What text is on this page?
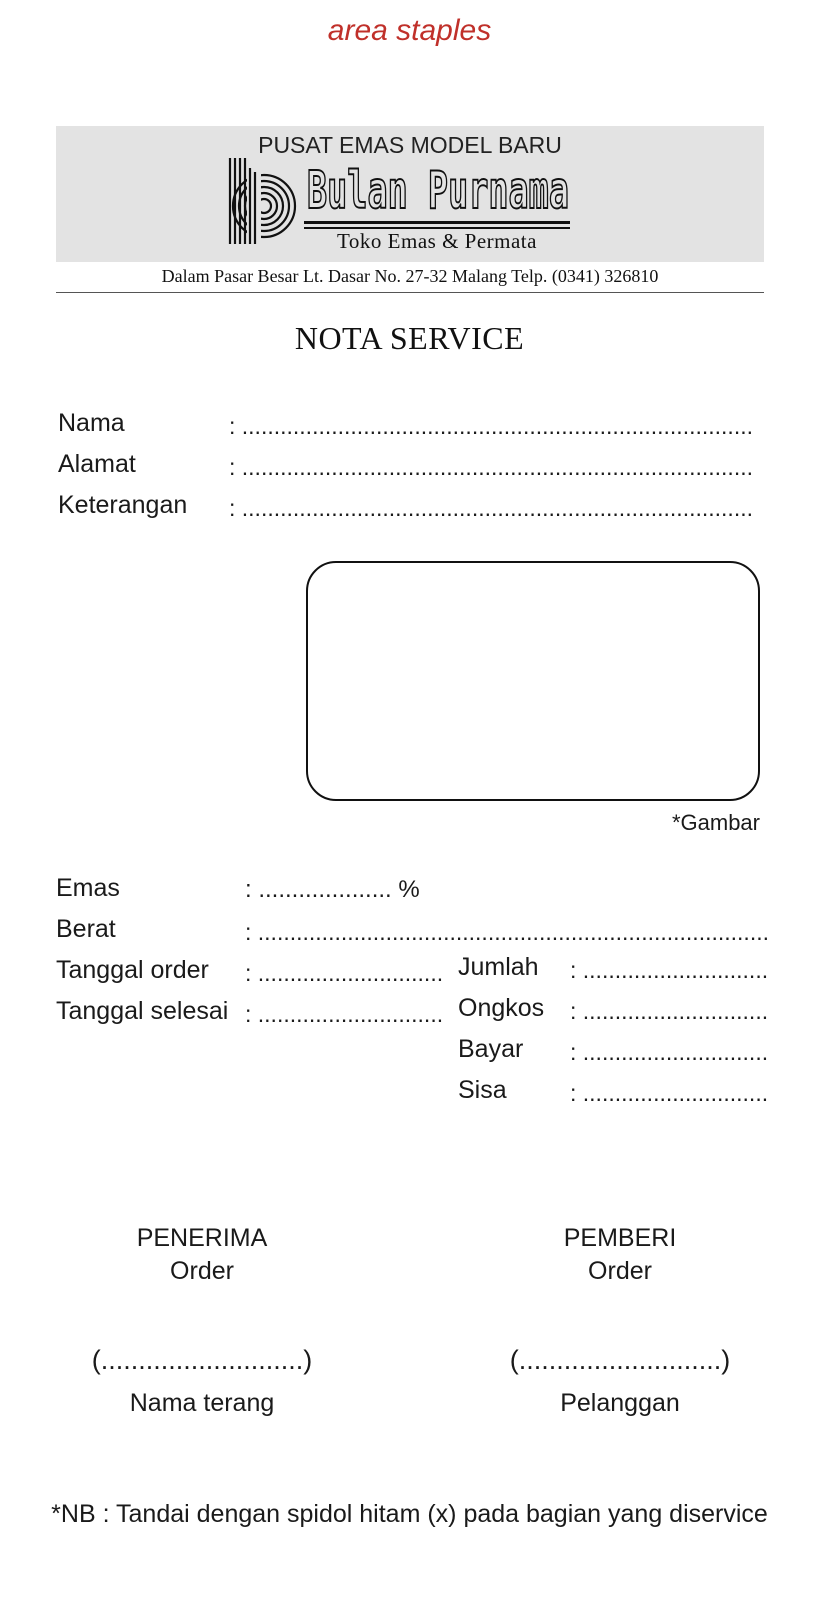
area staples
PUSAT EMAS MODEL BARU
Bulan Purnama
Toko Emas & Permata
Dalam Pasar Besar Lt. Dasar No. 27-32 Malang Telp. (0341) 326810
NOTA SERVICE
Nama	: ................................................................................
Alamat	: ................................................................................
Keterangan : ................................................................................
*Gambar
Emas	: .................... %
Berat	: ................................................................................
Tanggal order : .............................
Tanggal selesai : .............................
Jumlah : .............................
Ongkos : .............................
Bayar : .............................
Sisa	: .............................
PENERIMA
Order
(...........................)
Nama terang
PEMBERI
Order
(...........................)
Pelanggan
*NB : Tandai dengan spidol hitam (x) pada bagian yang diservice
